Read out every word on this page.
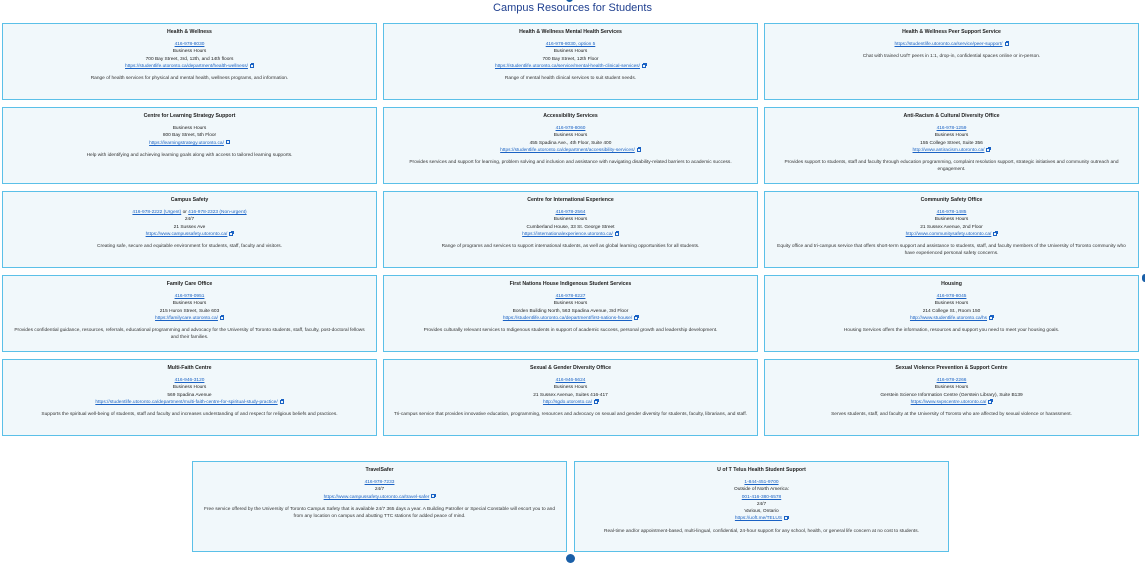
Campus Resources for Students
Health & Wellness
416-978-8030
Business Hours
700 Bay Street, 3rd, 12th, and 14th floors
https://studentlife.utoronto.ca/department/health-wellness/
Range of health services for physical and mental health, wellness programs, and information.
Health & Wellness Mental Health Services
416-978-8030, option 5
Business Hours
700 Bay Street, 12th Floor
https://studentlife.utoronto.ca/service/mental-health-clinical-services/
Range of mental health clinical services to suit student needs.
Health & Wellness Peer Support Service
https://studentlife.utoronto.ca/service/peer-support/
Chat with trained UofT peers in 1:1, drop-in, confidential spaces online or in-person.
Centre for Learning Strategy Support
Business Hours
800 Bay Street, 5th Floor
https://learningstrategy.utoronto.ca/
Help with identifying and achieving learning goals along with access to tailored learning supports.
Accessibility Services
416-978-8060
Business Hours
455 Spadina Ave., 4th Floor, Suite 400
https://studentlife.utoronto.ca/department/accessibility-services/
Provides services and support for learning, problem solving and inclusion and assistance with navigating disability-related barriers to academic success.
Anti-Racism & Cultural Diversity Office
416-978-1259
Business Hours
155 College Street, Suite 356
http://www.antiracism.utoronto.ca/
Provides support to students, staff and faculty through education programming, complaint resolution support, strategic initiatives and community outreach and engagement.
Campus Safety
416-978-2222 (Urgent) or 416-978-2323 (Non-urgent)
24/7
21 Sussex Ave
https://www.campussafety.utoronto.ca/
Creating safe, secure and equitable environment for students, staff, faculty and visitors.
Centre for International Experience
416-978-2564
Business Hours
Cumberland House, 33 St. George Street
https://internationalexperience.utoronto.ca/
Range of programs and services to support international students, as well as global learning opportunities for all students.
Community Safety Office
416-978-1485
Business Hours
21 Sussex Avenue, 2nd Floor
http://www.communitysafety.utoronto.ca/
Equity office and tri-campus service that offers short-term support and assistance to students, staff, and faculty members of the University of Toronto community who have experienced personal safety concerns.
Family Care Office
416-978-0951
Business Hours
215 Huron Street, Suite 603
https://familycare.utoronto.ca/
Provides confidential guidance, resources, referrals, educational programming and advocacy for the University of Toronto students, staff, faculty, post-doctoral fellows and their families.
First Nations House Indigenous Student Services
416-978-8227
Business Hours
Borden Building North, 563 Spadina Avenue, 3rd Floor
https://studentlife.utoronto.ca/department/first-nations-house/
Provides culturally relevant services to Indigenous students in support of academic success, personal growth and leadership development.
Housing
416-978-8045
Business Hours
214 College St., Room 150
http://www.studentlife.utoronto.ca/hs
Housing Services offers the information, resources and support you need to meet your housing goals.
Multi-Faith Centre
416-946-3120
Business Hours
569 Spadina Avenue
https://studentlife.utoronto.ca/department/multi-faith-centre-for-spiritual-study-practice/
Supports the spiritual well-being of students, staff and faculty and increases understanding of and respect for religious beliefs and practices.
Sexual & Gender Diversity Office
416-946-5624
Business Hours
21 Sussex Avenue, Suites 416-417
http://sgdo.utoronto.ca/
Tri-campus service that provides innovative education, programming, resources and advocacy on sexual and gender diversity for students, faculty, librarians, and staff.
Sexual Violence Prevention & Support Centre
416-978-2266
Business Hours
Gerstein Science Information Centre (Gerstein Library), Suite B139
https://www.svpscentre.utoronto.ca/
Serves students, staff, and faculty at the University of Toronto who are affected by sexual violence or harassment.
TravelSafer
416-978-7233
24/7
https://www.campussafety.utoronto.ca/travel-safer
Free service offered by the University of Toronto Campus Safety that is available 24/7 365 days a year. A Building Patroller or Special Constable will escort you to and from any location on campus and abutting TTC stations for added peace of mind.
U of T Telus Health Student Support
1-844-451-9700
Outside of North America:
001-416-380-6578
24/7
Various, Ontario
https://uoft.me/TELUS
Real-time and/or appointment-based, multi-lingual, confidential, 24-hour support for any school, health, or general life concern at no cost to students.
